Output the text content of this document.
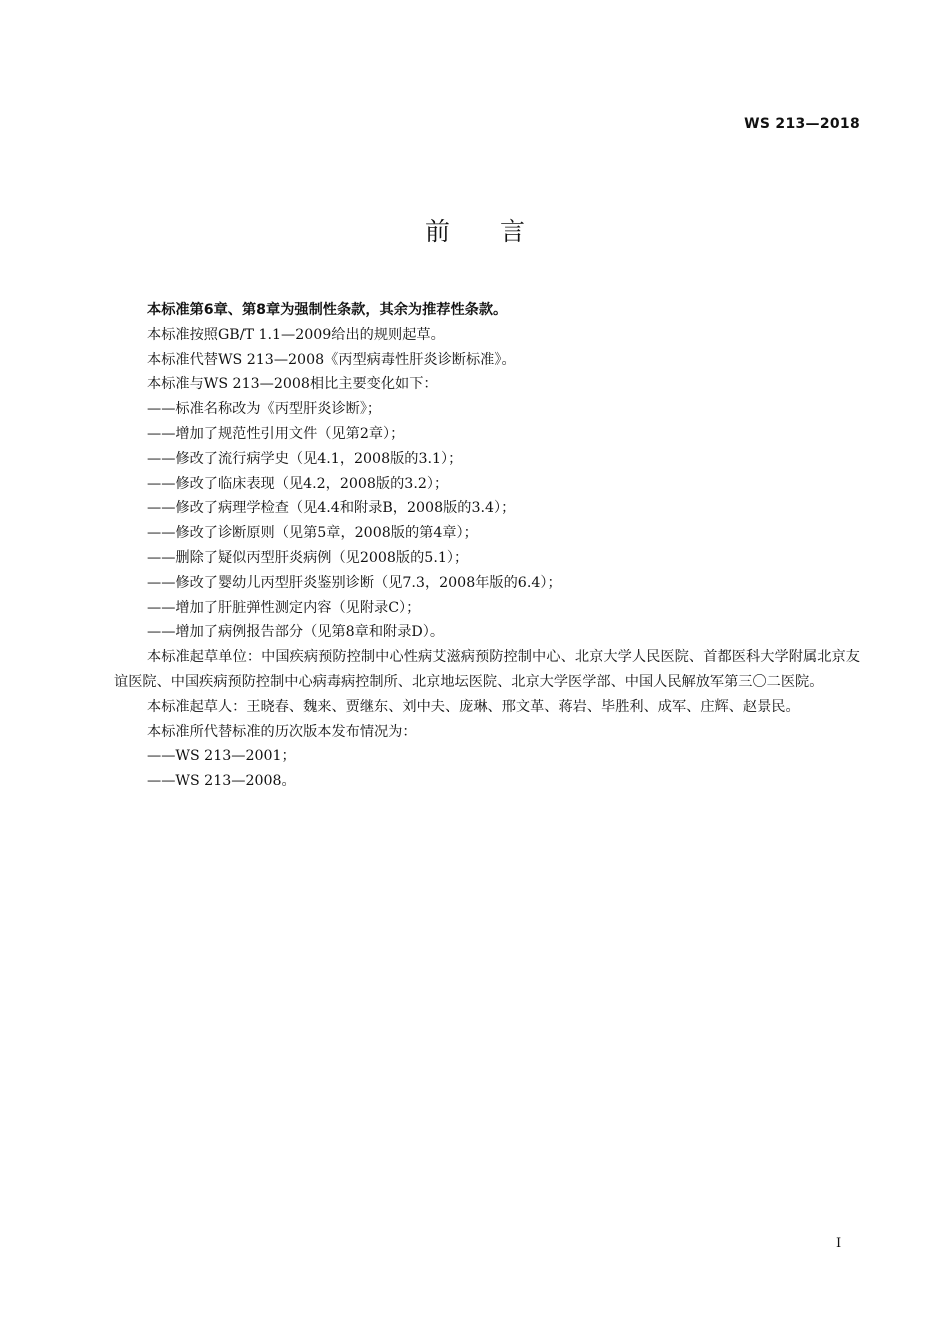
WS 213—2018
前言

本标准第6章、第8章为强制性条款，其余为推荐性条款。

本标准按照GB/T 1.1—2009给出的规则起草。

本标准代替WS 213—2008《丙型病毒性肝炎诊断标准》。

本标准与WS 213—2008相比主要变化如下：

——标准名称改为《丙型肝炎诊断》；

——增加了规范性引用文件（见第2章）；

——修改了流行病学史（见4.1，2008版的3.1）；

——修改了临床表现（见4.2，2008版的3.2）；

——修改了病理学检查（见4.4和附录B，2008版的3.4）；

——修改了诊断原则（见第5章，2008版的第4章）；

——删除了疑似丙型肝炎病例（见2008版的5.1）；

——修改了婴幼儿丙型肝炎鉴别诊断（见7.3，2008年版的6.4）；

——增加了肝脏弹性测定内容（见附录C）；

——增加了病例报告部分（见第8章和附录D）。

本标准起草单位：中国疾病预防控制中心性病艾滋病预防控制中心、北京大学人民医院、首都医科大学附属北京友谊医院、中国疾病预防控制中心病毒病控制所、北京地坛医院、北京大学医学部、中国人民解放军第三〇二医院。

本标准起草人：王晓春、魏来、贾继东、刘中夫、庞琳、邢文革、蒋岩、毕胜利、成军、庄辉、赵景民。

本标准所代替标准的历次版本发布情况为：

——WS 213—2001；

——WS 213—2008。

I
